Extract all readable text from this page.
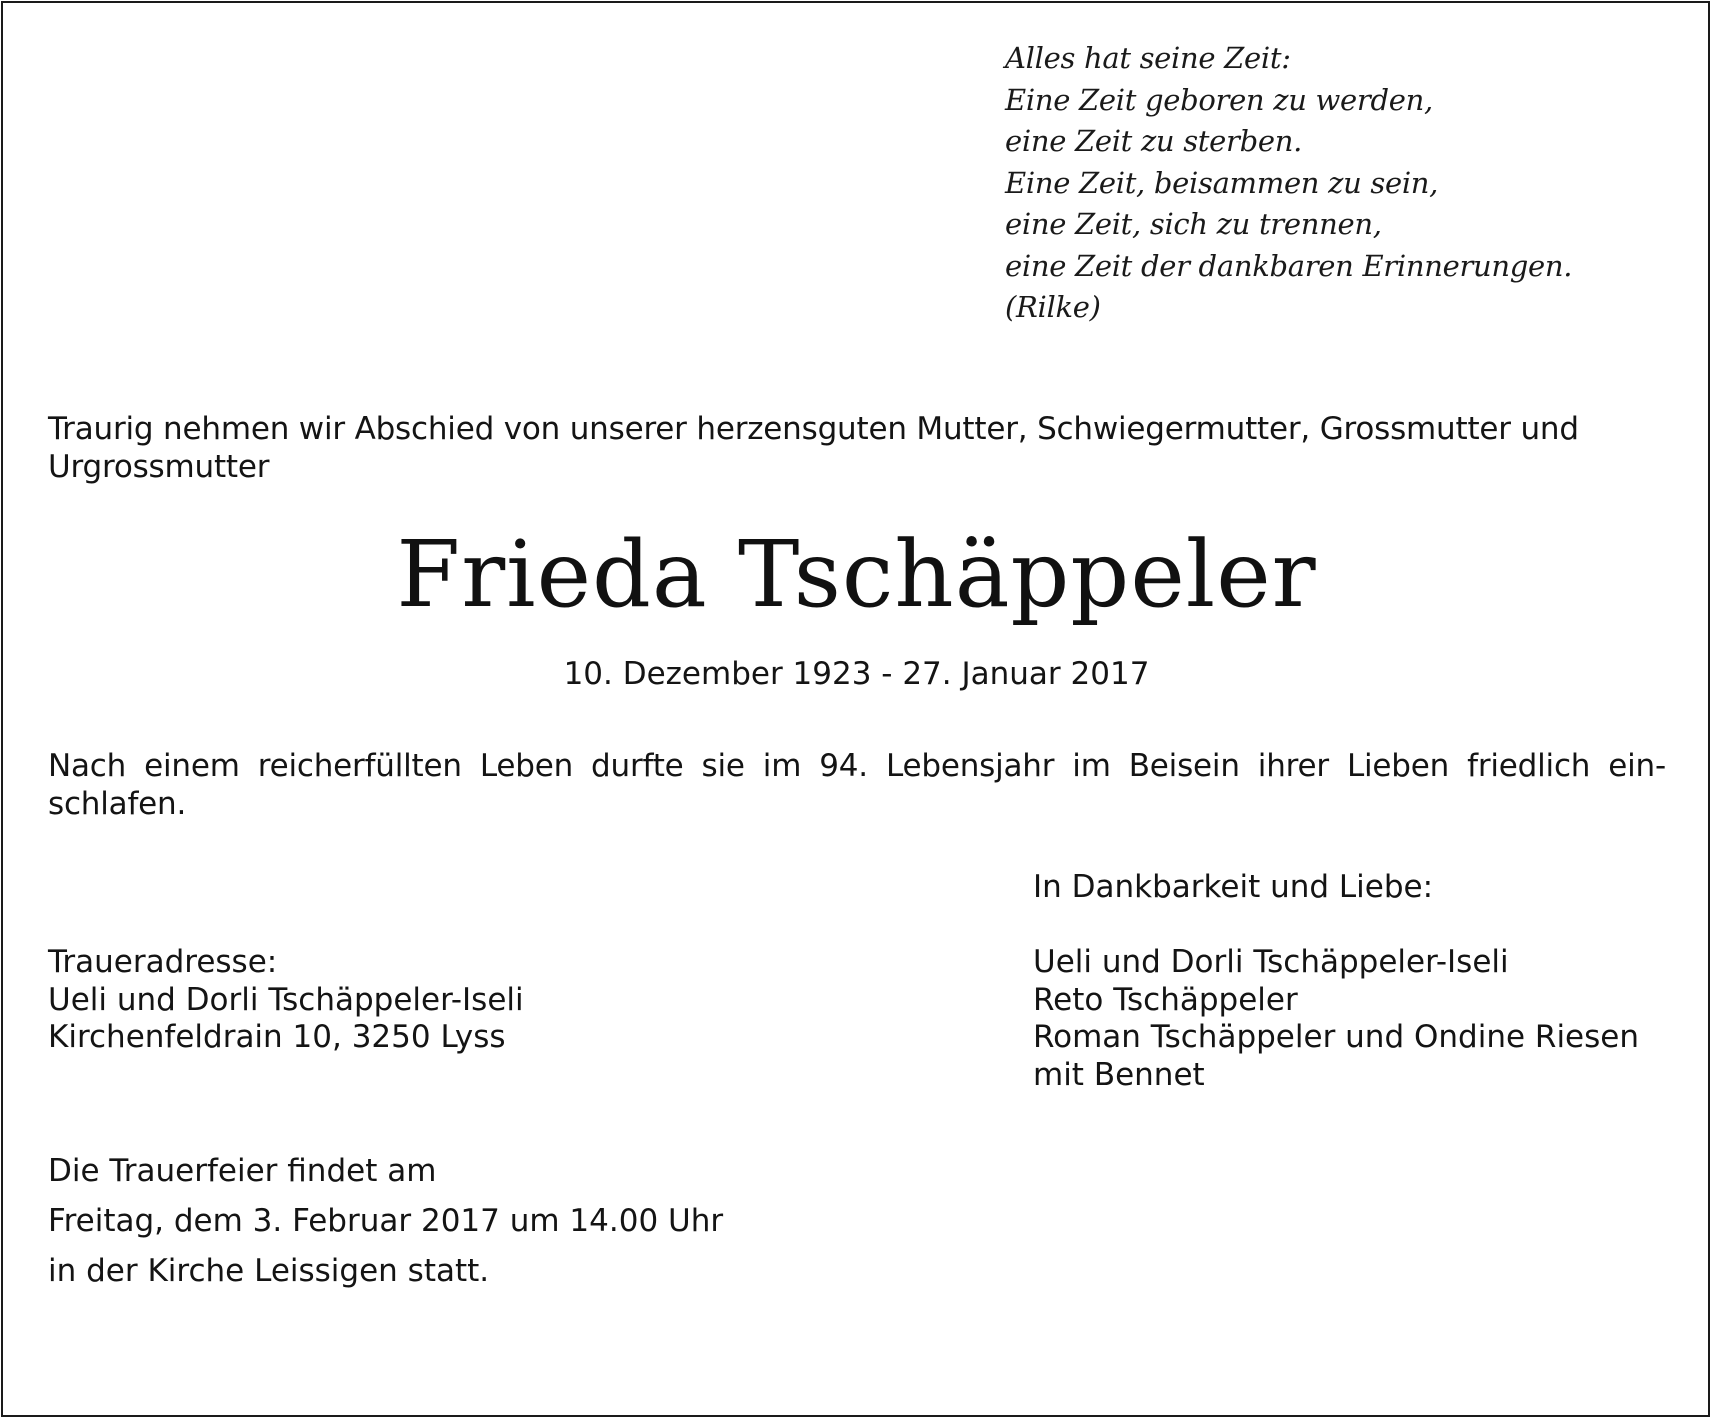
Alles hat seine Zeit:
Eine Zeit geboren zu werden,
eine Zeit zu sterben.
Eine Zeit, beisammen zu sein,
eine Zeit, sich zu trennen,
eine Zeit der dankbaren Erinnerungen.
(Rilke)
Traurig nehmen wir Abschied von unserer herzensguten Mutter, Schwiegermutter, Grossmutter und Urgrossmutter
Frieda Tschäppeler
10. Dezember 1923 - 27. Januar 2017
Nach einem reicherfüllten Leben durfte sie im 94. Lebensjahr im Beisein ihrer Lieben friedlich ein-schlafen.
In Dankbarkeit und Liebe:
Ueli und Dorli Tschäppeler-Iseli
Reto Tschäppeler
Roman Tschäppeler und Ondine Riesen
mit Bennet
Traueradresse:
Ueli und Dorli Tschäppeler-Iseli
Kirchenfeldrain 10, 3250 Lyss
Die Trauerfeier findet am
Freitag, dem 3. Februar 2017 um 14.00 Uhr
in der Kirche Leissigen statt.
